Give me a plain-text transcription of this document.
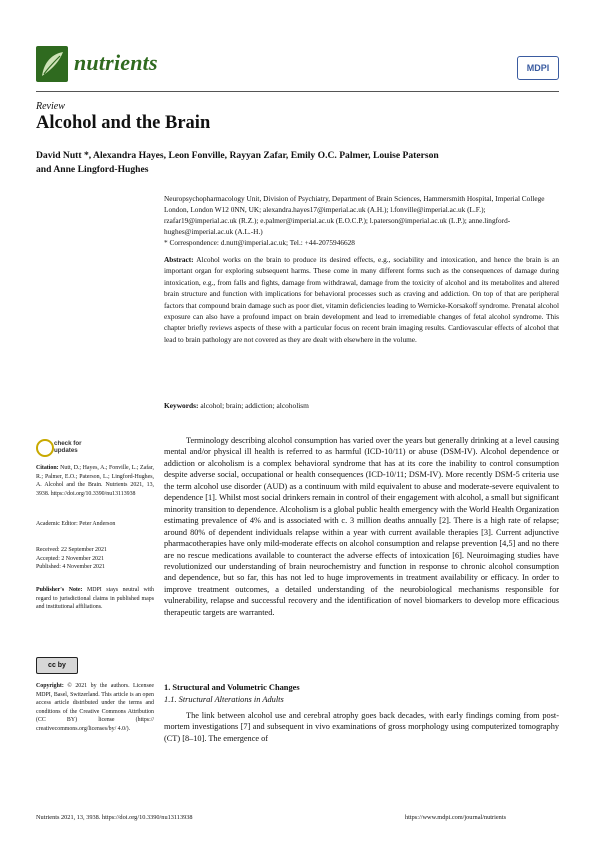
nutrients	MDPI
Review
Alcohol and the Brain
David Nutt *, Alexandra Hayes, Leon Fonville, Rayyan Zafar, Emily O.C. Palmer, Louise Paterson
and Anne Lingford-Hughes
Neuropsychopharmacology Unit, Division of Psychiatry, Department of Brain Sciences, Hammersmith Hospital, Imperial College London, London W12 0NN, UK; alexandra.hayes17@imperial.ac.uk (A.H.); l.fonville@imperial.ac.uk (L.F.); rzafar19@imperial.ac.uk (R.Z.); e.palmer@imperial.ac.uk (E.O.C.P.); l.paterson@imperial.ac.uk (L.P.); anne.lingford-hughes@imperial.ac.uk (A.L.-H.)
* Correspondence: d.nutt@imperial.ac.uk; Tel.: +44-2075946628
Abstract: Alcohol works on the brain to produce its desired effects, e.g., sociability and intoxication, and hence the brain is an important organ for exploring subsequent harms. These come in many different forms such as the consequences of damage during intoxication, e.g., from falls and fights, damage from withdrawal, damage from the toxicity of alcohol and its metabolites and altered brain structure and function with implications for behavioral processes such as craving and addiction. On top of that are peripheral factors that compound brain damage such as poor diet, vitamin deficiencies leading to Wernicke-Korsakoff syndrome. Prenatal alcohol exposure can also have a profound impact on brain development and lead to irremediable changes of fetal alcohol syndrome. This chapter briefly reviews aspects of these with a particular focus on recent brain imaging results. Cardiovascular effects of alcohol that lead to brain pathology are not covered as they are dealt with elsewhere in the volume.
Keywords: alcohol; brain; addiction; alcoholism
check for updates
Citation: Nutt, D.; Hayes, A.; Fonville, L.; Zafar, R.; Palmer, E.O.; Paterson, L.; Lingford-Hughes, A. Alcohol and the Brain. Nutrients 2021, 13, 3938. https://doi.org/10.3390/nu13113938
Academic Editor: Peter Anderson
Received: 22 September 2021
Accepted: 2 November 2021
Published: 4 November 2021
Publisher's Note: MDPI stays neutral with regard to jurisdictional claims in published maps and institutional affiliations.
cc by
Copyright: © 2021 by the authors. Licensee MDPI, Basel, Switzerland. This article is an open access article distributed under the terms and conditions of the Creative Commons Attribution (CC BY) license (https:// creativecommons.org/licenses/by/ 4.0/).
Terminology describing alcohol consumption has varied over the years but generally drinking at a level causing mental and/or physical ill health is referred to as harmful (ICD-10/11) or abuse (DSM-IV). Alcohol dependence or addiction or alcoholism is a complex behavioral syndrome that has at its core the inability to control consumption despite adverse social, occupational or health consequences (ICD-10/11; DSM-IV). More recently DSM-5 criteria use the term alcohol use disorder (AUD) as a continuum with mild equivalent to abuse and moderate-severe equivalent to dependence [1]. Whilst most social drinkers remain in control of their engagement with alcohol, a small but significant minority transition to dependence. Alcoholism is a global public health emergency with the World Health Organization estimating prevalence of 4% and is associated with c. 3 million deaths annually [2]. There is a high rate of relapse; around 80% of dependent individuals relapse within a year with current available therapies [3]. Current adjunctive pharmacotherapies have only mild-moderate effects on alcohol consumption and relapse prevention [4,5] and no there are no rescue medications available to counteract the adverse effects of intoxication [6]. Neuroimaging studies have revolutionized our understanding of brain neurochemistry and function in response to chronic alcohol consumption and dependence, but so far, this has not led to huge improvements in treatment availability or efficacy. In order to improve treatment outcomes, a detailed understanding of the neurobiological mechanisms responsible for vulnerability, relapse and successful recovery and the identification of novel biomarkers to develop more efficacious therapeutic targets are warranted.
1. Structural and Volumetric Changes
1.1. Structural Alterations in Adults
The link between alcohol use and cerebral atrophy goes back decades, with early findings coming from post-mortem investigations [7] and subsequent in vivo examinations of gross morphology using computerized tomography (CT) [8–10]. The emergence of
Nutrients 2021, 13, 3938. https://doi.org/10.3390/nu13113938	https://www.mdpi.com/journal/nutrients
